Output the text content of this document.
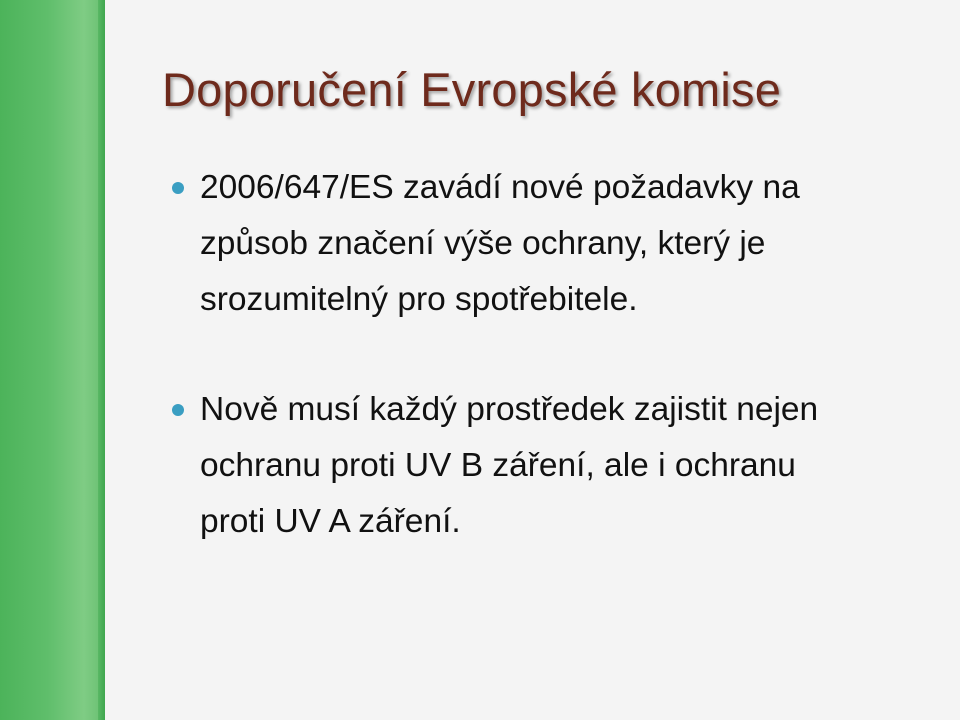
Doporučení Evropské komise
2006/647/ES zavádí nové požadavky na
způsob značení výše ochrany, který je
srozumitelný pro spotřebitele.
Nově musí každý prostředek zajistit nejen
ochranu proti UV B záření, ale i ochranu
proti UV A záření.
